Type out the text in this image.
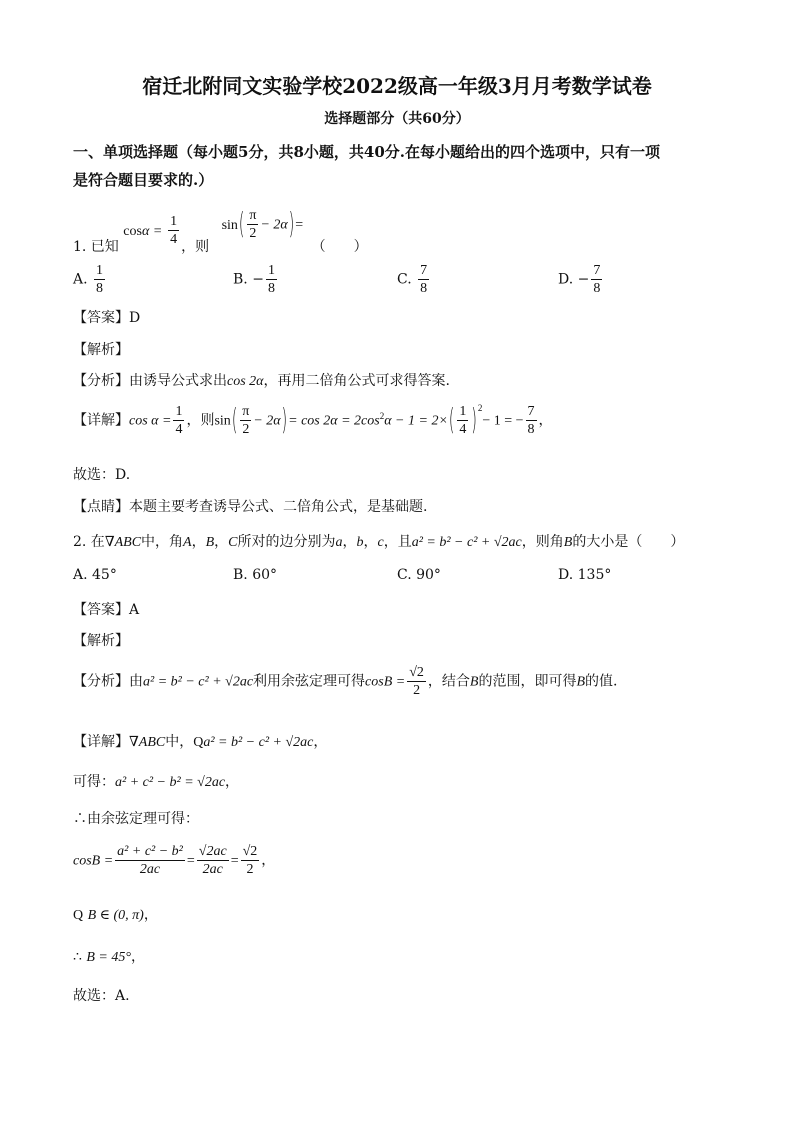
宿迁北附同文实验学校2022级高一年级3月月考数学试卷
选择题部分（共60分）
一、单项选择题（每小题5分，共8小题，共40分.在每小题给出的四个选项中，只有一项
是符合题目要求的.）
1. 已知 $\cos\alpha = \frac{1}{4}$ ，则 $\sin( \frac{\pi}{2} - 2\alpha)=$ （　　）
A. $\frac{1}{8}$	B. − $\frac{1}{8}$	C. $\frac{7}{8}$	D. − $\frac{7}{8}$
【答案】D
【解析】
【分析】由诱导公式求出cos 2α，再用二倍角公式可求得答案.
【详解】$\cos \alpha = \frac{1}{4}$ ，则$\sin( \frac{\pi}{2} - 2\alpha)= \cos 2\alpha = 2\cos^2\alpha - 1 = 2\times( \frac{1}{4} )^2- 1$ = − $\frac{7}{8}$ ，
故选：D.
【点睛】本题主要考查诱导公式、二倍角公式，是基础题.
2. 在∇ABC中，角A，B，C所对的边分别为a，b，c，且a² = b² − c² + √2ac，则角B的大小是（　　）
A. 45°	B. 60°	C. 90°	D. 135°
【答案】A
【解析】
【分析】由a² = b² − c² + √2ac利用余弦定理可得$\cos B = \frac{√2}{2}$ ，结合B的范围，即可得B的值.
【详解】∇ABC中，Qa² = b² − c² + √2ac，
可得：a² + c² − b² = √2ac，
∴由余弦定理可得：
$\cos B = \frac{\text{a² + c² − b²}}{2ac} = \frac{√2ac}{2ac} = \frac{√2}{2}$ ，
Q B ∈ (0, π)，
∴ B = 45°，
故选：A.
